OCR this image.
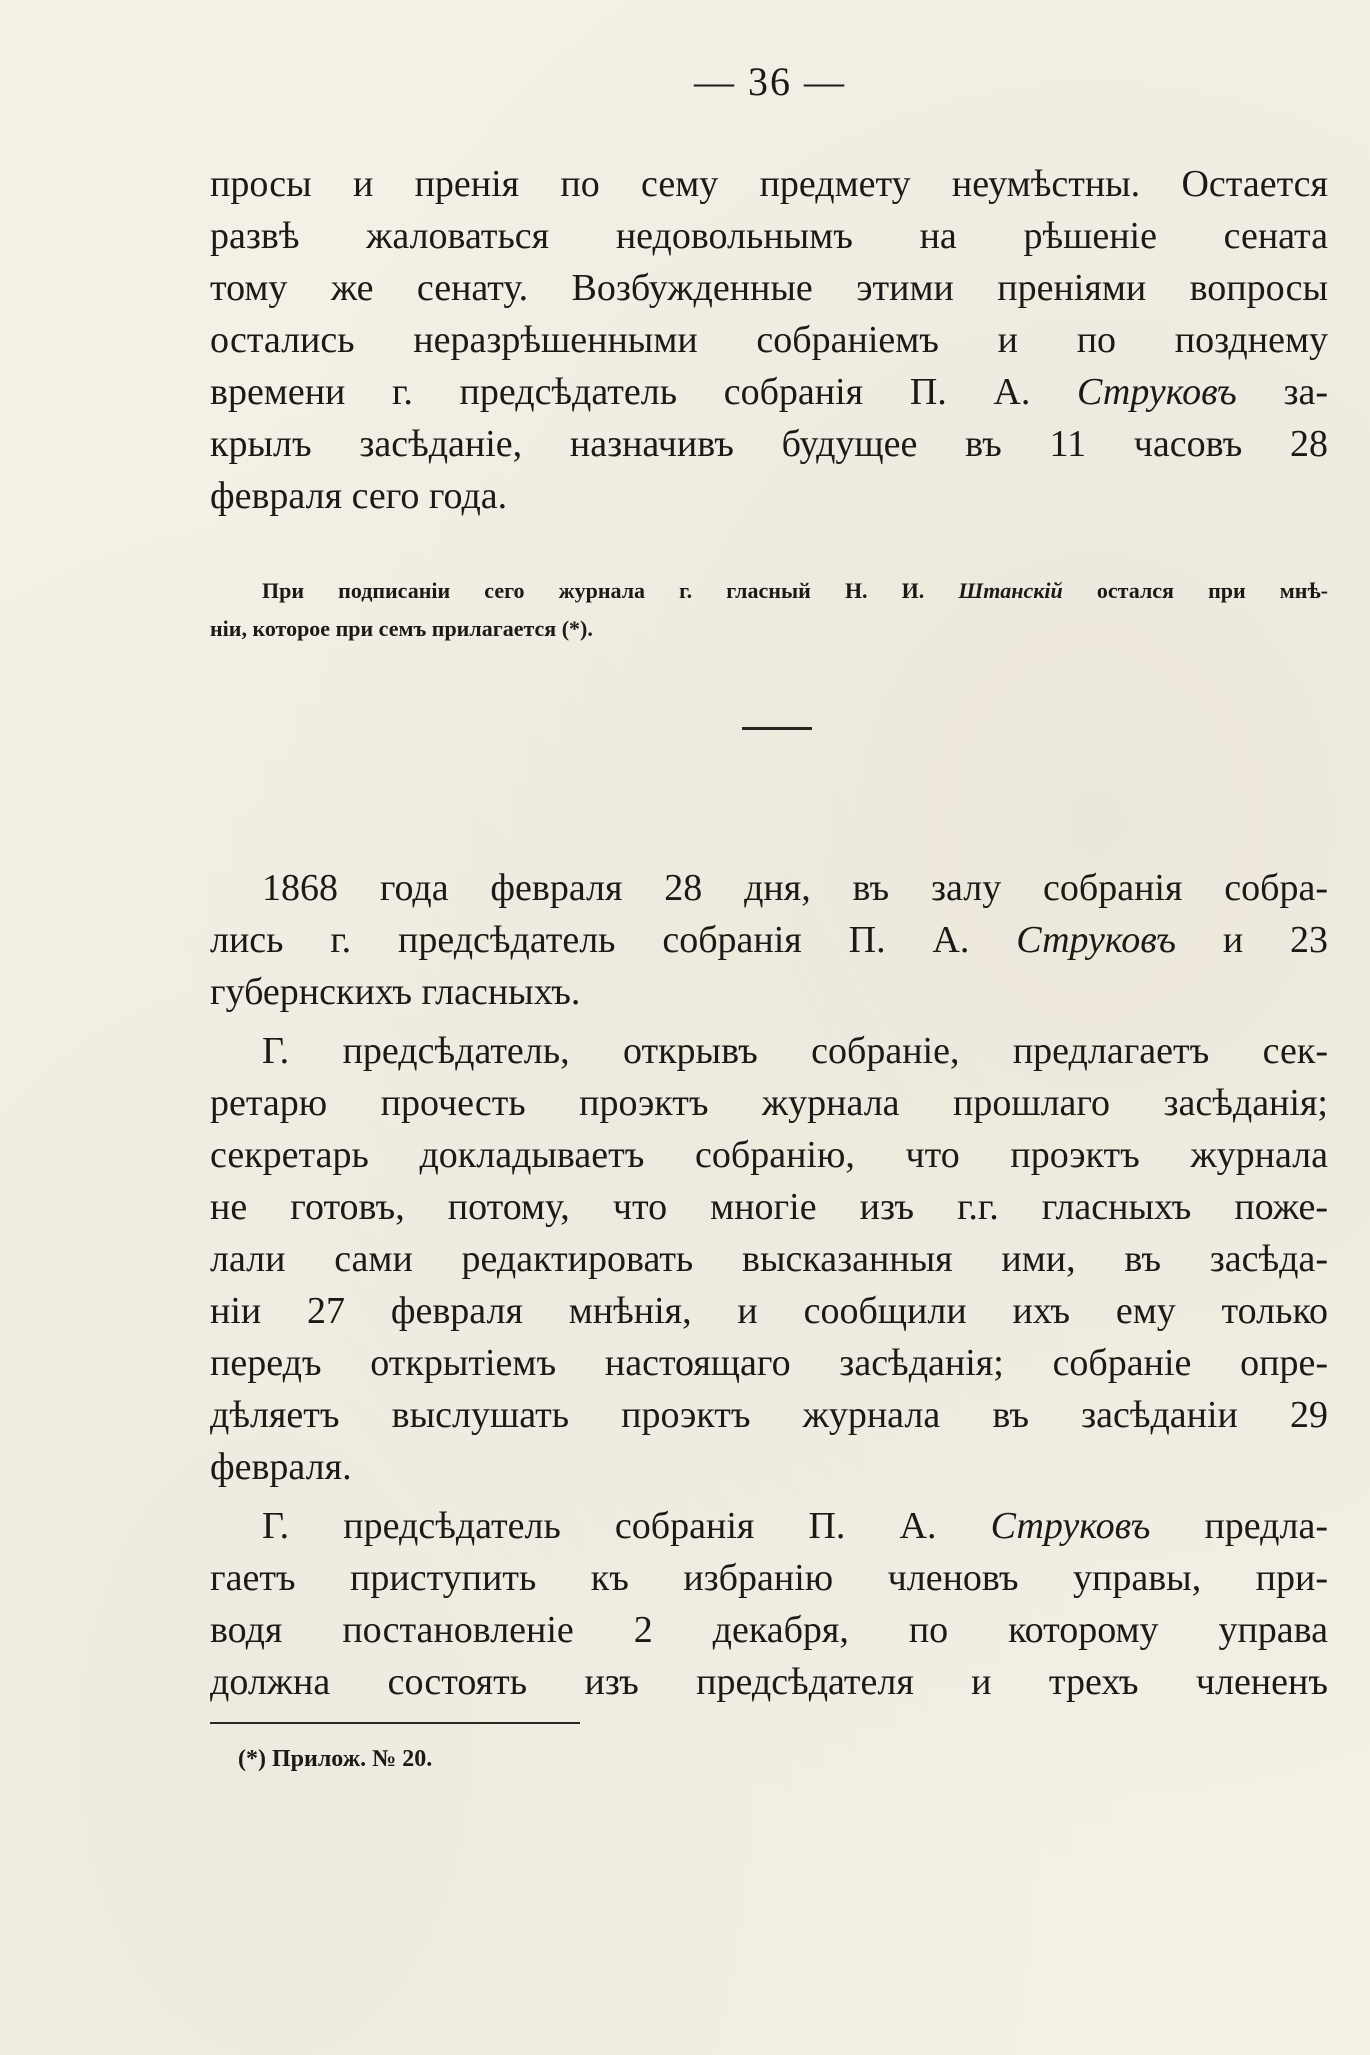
— 36 —
просы и пренія по сему предмету неумѣстны. Остается
развѣ жаловаться недовольнымъ на рѣшеніе сената
тому же сенату. Возбужденные этими преніями вопросы
остались неразрѣшенными собраніемъ и по позднему
времени г. предсѣдатель собранія П. А. Струковъ за-
крылъ засѣданіе, назначивъ будущее въ 11 часовъ 28
февраля сего года.
При подписаніи сего журнала г. гласный Н. И. Штанскій остался при мнѣ-
ніи, которое при семъ прилагается (*).
1868 года февраля 28 дня, въ залу собранія собра-
лись г. предсѣдатель собранія П. А. Струковъ и 23
губернскихъ гласныхъ.
Г. предсѣдатель, открывъ собраніе, предлагаетъ сек-
ретарю прочесть проэктъ журнала прошлаго засѣданія;
секретарь докладываетъ собранію, что проэктъ журнала
не готовъ, потому, что многіе изъ г.г. гласныхъ поже-
лали сами редактировать высказанныя ими, въ засѣда-
ніи 27 февраля мнѣнія, и сообщили ихъ ему только
передъ открытіемъ настоящаго засѣданія; собраніе опре-
дѣляетъ выслушать проэктъ журнала въ засѣданіи 29
февраля.
Г. предсѣдатель собранія П. А. Струковъ предла-
гаетъ приступить къ избранію членовъ управы, при-
водя постановленіе 2 декабря, по которому управа
должна состоять изъ предсѣдателя и трехъ члененъ
(*) Прилож. № 20.
